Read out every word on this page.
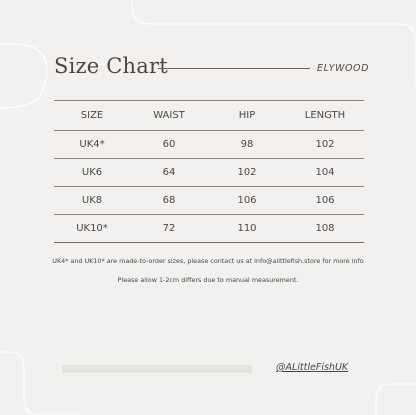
Size Chart	ELYWOOD
SIZE	WAIST	HIP	LENGTH
UK4*	60	98	102
UK6	64	102	104
UK8	68	106	106
UK10*	72	110	108
UK4* and UK10* are made-to-order sizes, please contact us at info@alittlefish.store for more info
Please allow 1-2cm differs due to manual measurement.
@ALittleFishUK
